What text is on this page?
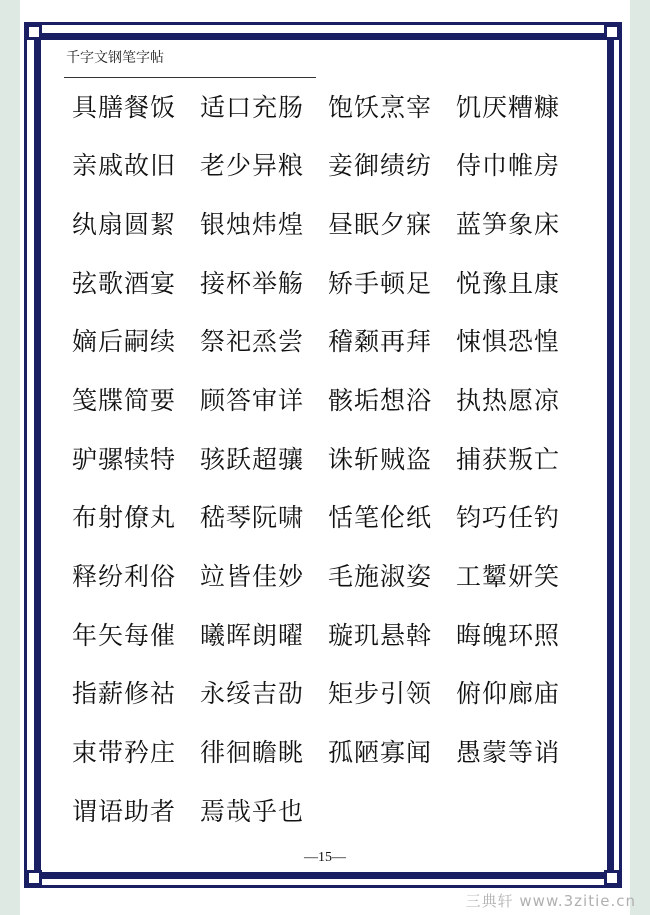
千字文钢笔字帖

具膳餐饭 适口充肠 饱饫烹宰 饥厌糟糠

亲戚故旧 老少异粮 妾御绩纺 侍巾帷房

纨扇圆絜 银烛炜煌 昼眠夕寐 蓝笋象床

弦歌酒宴 接杯举觞 矫手顿足 悦豫且康

嫡后嗣续 祭祀烝尝 稽颡再拜 悚惧恐惶

笺牒简要 顾答审详 骸垢想浴 执热愿凉

驴骡犊特 骇跃超骧 诛斩贼盗 捕获叛亡

布射僚丸 嵇琴阮啸 恬笔伦纸 钧巧任钓

释纷利俗 竝皆佳妙 毛施淑姿 工颦妍笑

年矢每催 曦晖朗曜 璇玑悬斡 晦魄环照

指薪修祜 永绥吉劭 矩步引领 俯仰廊庙

束带矜庄 徘徊瞻眺 孤陋寡闻 愚蒙等诮

谓语助者 焉哉乎也

—15—
三典轩 www.3zitie.cn
